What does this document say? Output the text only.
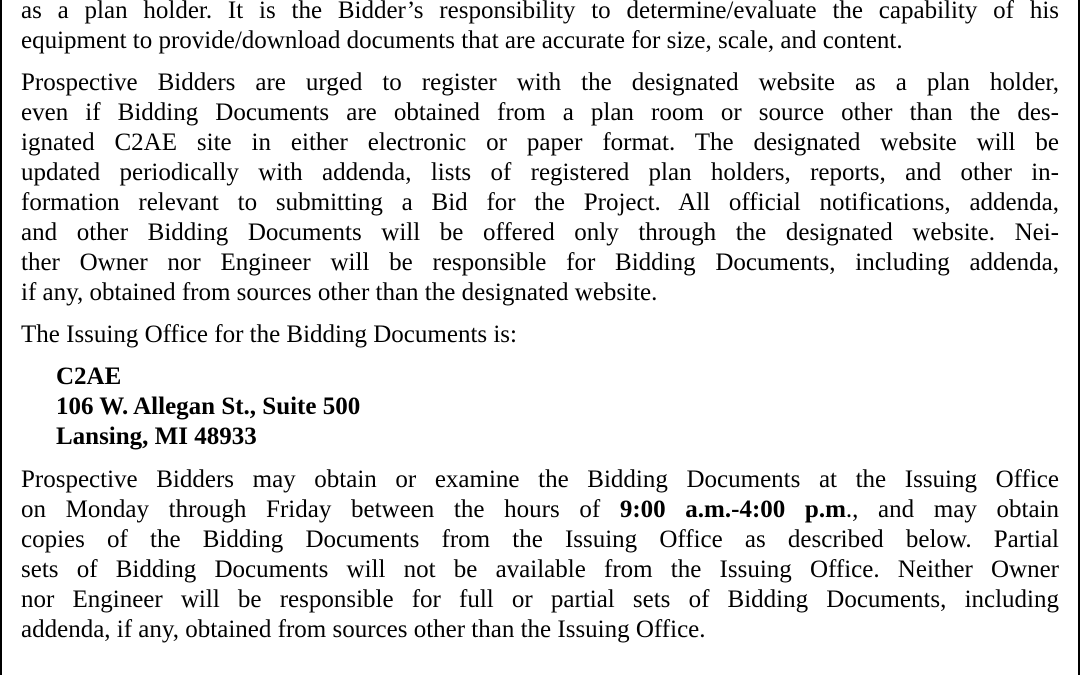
as a plan holder. It is the Bidder’s responsibility to determine/evaluate the capability of his
equipment to provide/download documents that are accurate for size, scale, and content.

Prospective Bidders are urged to register with the designated website as a plan holder,
even if Bidding Documents are obtained from a plan room or source other than the des-
ignated C2AE site in either electronic or paper format. The designated website will be
updated periodically with addenda, lists of registered plan holders, reports, and other in-
formation relevant to submitting a Bid for the Project. All official notifications, addenda,
and other Bidding Documents will be offered only through the designated website. Nei-
ther Owner nor Engineer will be responsible for Bidding Documents, including addenda,
if any, obtained from sources other than the designated website.

The Issuing Office for the Bidding Documents is:

C2AE
106 W. Allegan St., Suite 500
Lansing, MI 48933

Prospective Bidders may obtain or examine the Bidding Documents at the Issuing Office
on Monday through Friday between the hours of 9:00 a.m.-4:00 p.m., and may obtain
copies of the Bidding Documents from the Issuing Office as described below. Partial
sets of Bidding Documents will not be available from the Issuing Office. Neither Owner
nor Engineer will be responsible for full or partial sets of Bidding Documents, including
addenda, if any, obtained from sources other than the Issuing Office.
